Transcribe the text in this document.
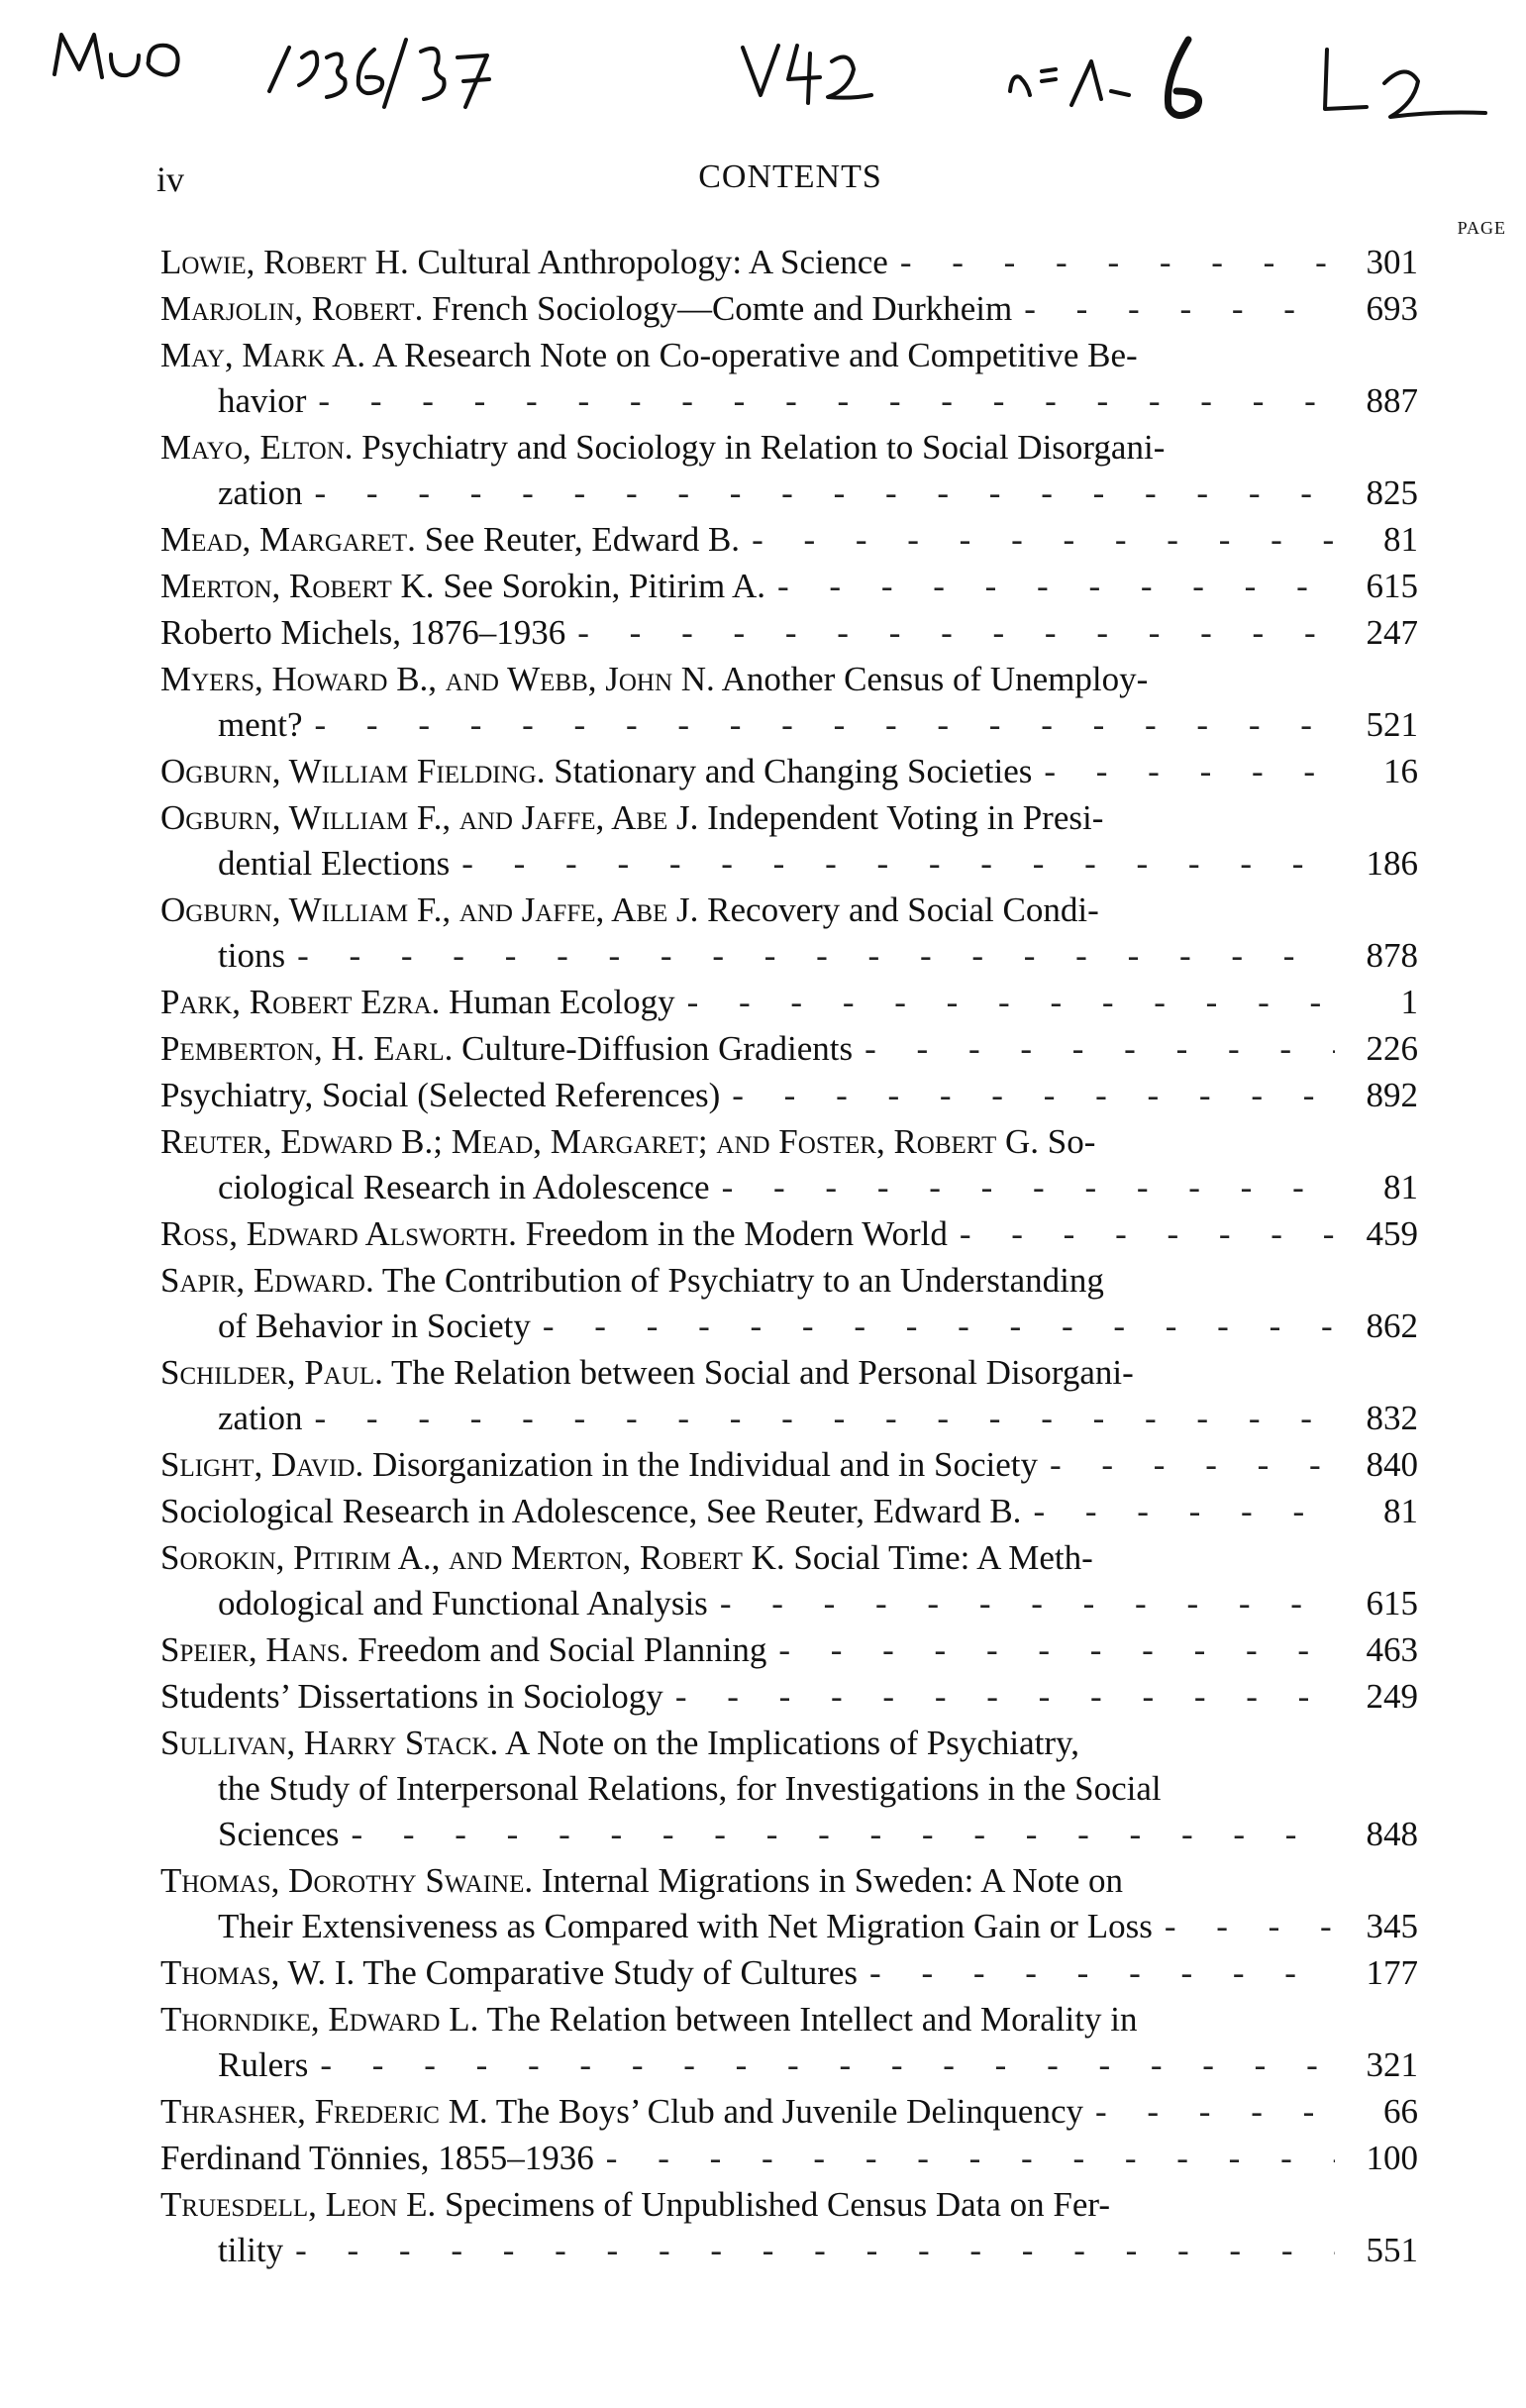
iv	CONTENTS
PAGE
Lowie, Robert H. Cultural Anthropology: A Science - - -	301
Marjolin, Robert. French Sociology—Comte and Durkheim - - -	693
May, Mark A. A Research Note on Co-operative and Competitive Be-
havior - - -	887
Mayo, Elton. Psychiatry and Sociology in Relation to Social Disorgani-
zation - - -	825
Mead, Margaret. See Reuter, Edward B. - - -	81
Merton, Robert K. See Sorokin, Pitirim A. - - -	615
Roberto Michels, 1876–1936 - - -	247
Myers, Howard B., and Webb, John N. Another Census of Unemploy-
ment? - - -	521
Ogburn, William Fielding. Stationary and Changing Societies - - -	16
Ogburn, William F., and Jaffe, Abe J. Independent Voting in Presi-
dential Elections - - -	186
Ogburn, William F., and Jaffe, Abe J. Recovery and Social Condi-
tions - - -	878
Park, Robert Ezra. Human Ecology - - -	1
Pemberton, H. Earl. Culture-Diffusion Gradients - - -	226
Psychiatry, Social (Selected References) - - -	892
Reuter, Edward B.; Mead, Margaret; and Foster, Robert G. So-
ciological Research in Adolescence - - -	81
Ross, Edward Alsworth. Freedom in the Modern World - - -	459
Sapir, Edward. The Contribution of Psychiatry to an Understanding
of Behavior in Society - - -	862
Schilder, Paul. The Relation between Social and Personal Disorgani-
zation - - -	832
Slight, David. Disorganization in the Individual and in Society - - -	840
Sociological Research in Adolescence, See Reuter, Edward B. - - -	81
Sorokin, Pitirim A., and Merton, Robert K. Social Time: A Meth-
odological and Functional Analysis - - -	615
Speier, Hans. Freedom and Social Planning - - -	463
Students’ Dissertations in Sociology - - -	249
Sullivan, Harry Stack. A Note on the Implications of Psychiatry,
the Study of Interpersonal Relations, for Investigations in the Social
Sciences - - -	848
Thomas, Dorothy Swaine. Internal Migrations in Sweden: A Note on
Their Extensiveness as Compared with Net Migration Gain or Loss - - -	345
Thomas, W. I. The Comparative Study of Cultures - - -	177
Thorndike, Edward L. The Relation between Intellect and Morality in
Rulers - - -	321
Thrasher, Frederic M. The Boys’ Club and Juvenile Delinquency - - -	66
Ferdinand Tönnies, 1855–1936 - - -	100
Truesdell, Leon E. Specimens of Unpublished Census Data on Fer-
tility - - -	551
